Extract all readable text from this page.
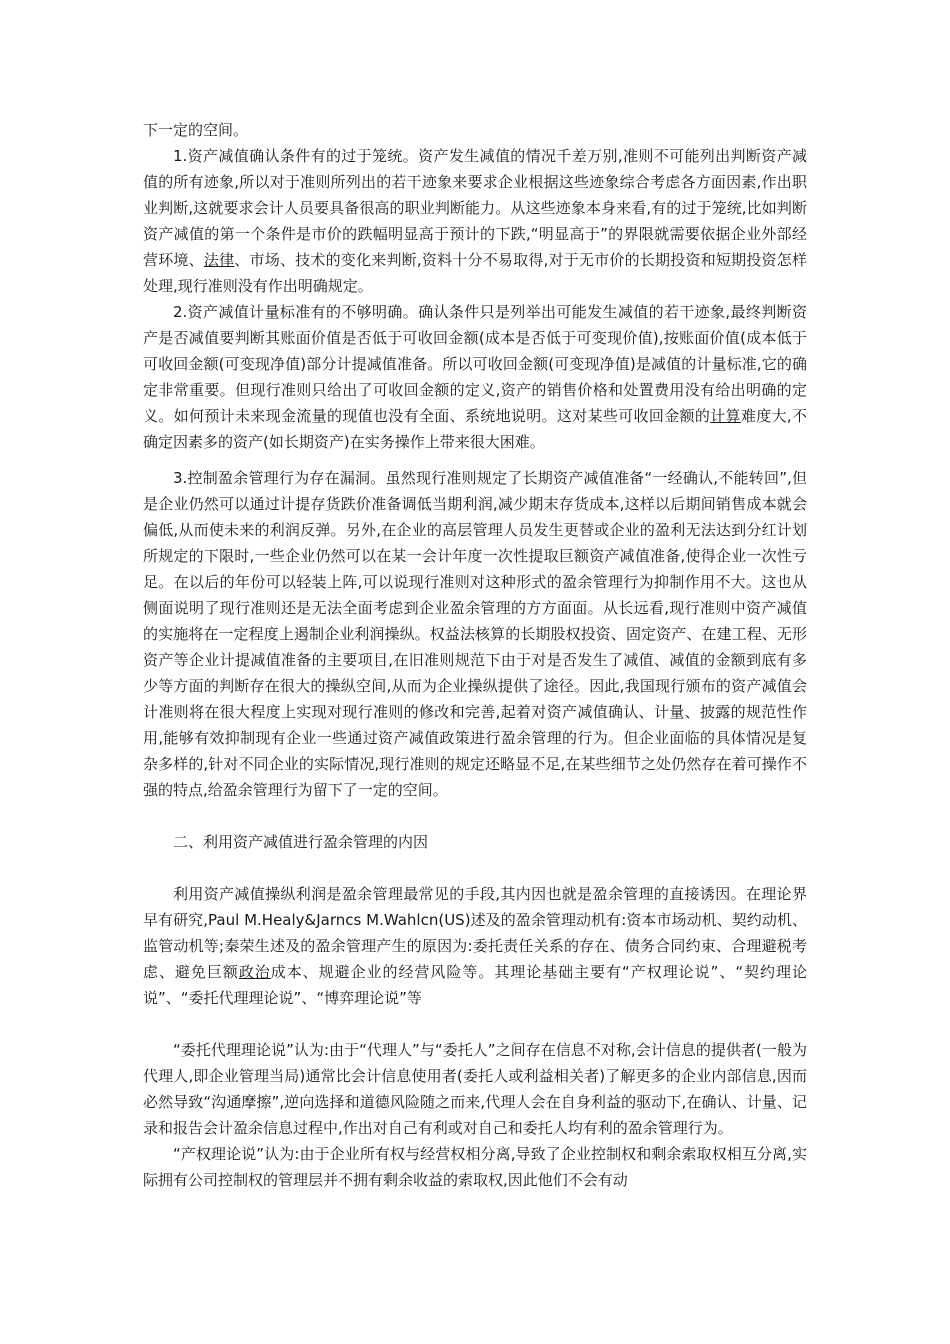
下一定的空间。

1.资产减值确认条件有的过于笼统。资产发生减值的情况千差万别,准则不可能列出判断资产减值的所有迹象,所以对于准则所列出的若干迹象来要求企业根据这些迹象综合考虑各方面因素,作出职业判断,这就要求会计人员要具备很高的职业判断能力。从这些迹象本身来看,有的过于笼统,比如判断资产减值的第一个条件是市价的跌幅明显高于预计的下跌,“明显高于”的界限就需要依据企业外部经营环境、法律、市场、技术的变化来判断,资料十分不易取得,对于无市价的长期投资和短期投资怎样处理,现行准则没有作出明确规定。

2.资产减值计量标准有的不够明确。确认条件只是列举出可能发生减值的若干迹象,最终判断资产是否减值要判断其账面价值是否低于可收回金额(成本是否低于可变现价值),按账面价值(成本低于可收回金额(可变现净值)部分计提减值准备。所以可收回金额(可变现净值)是减值的计量标准,它的确定非常重要。但现行准则只给出了可收回金额的定义,资产的销售价格和处置费用没有给出明确的定义。如何预计未来现金流量的现值也没有全面、系统地说明。这对某些可收回金额的计算难度大,不确定因素多的资产(如长期资产)在实务操作上带来很大困难。

3.控制盈余管理行为存在漏洞。虽然现行准则规定了长期资产减值准备“一经确认,不能转回”,但是企业仍然可以通过计提存货跌价准备调低当期利润,减少期末存货成本,这样以后期间销售成本就会偏低,从而使未来的利润反弹。另外,在企业的高层管理人员发生更替或企业的盈利无法达到分红计划所规定的下限时,一些企业仍然可以在某一会计年度一次性提取巨额资产减值准备,使得企业一次性亏足。在以后的年份可以轻装上阵,可以说现行准则对这种形式的盈余管理行为抑制作用不大。这也从侧面说明了现行准则还是无法全面考虑到企业盈余管理的方方面面。从长远看,现行准则中资产减值的实施将在一定程度上遏制企业利润操纵。权益法核算的长期股权投资、固定资产、在建工程、无形资产等企业计提减值准备的主要项目,在旧准则规范下由于对是否发生了减值、减值的金额到底有多少等方面的判断存在很大的操纵空间,从而为企业操纵提供了途径。因此,我国现行颁布的资产减值会计准则将在很大程度上实现对现行准则的修改和完善,起着对资产减值确认、计量、披露的规范性作用,能够有效抑制现有企业一些通过资产减值政策进行盈余管理的行为。但企业面临的具体情况是复杂多样的,针对不同企业的实际情况,现行准则的规定还略显不足,在某些细节之处仍然存在着可操作不强的特点,给盈余管理行为留下了一定的空间。

二、利用资产减值进行盈余管理的内因

利用资产减值操纵利润是盈余管理最常见的手段,其内因也就是盈余管理的直接诱因。在理论界早有研究,Paul M.Healy&Jarncs M.Wahlcn(US)述及的盈余管理动机有:资本市场动机、契约动机、监管动机等;秦荣生述及的盈余管理产生的原因为:委托责任关系的存在、债务合同约束、合理避税考虑、避免巨额政治成本、规避企业的经营风险等。其理论基础主要有“产权理论说”、“契约理论说”、“委托代理理论说”、“博弈理论说”等

“委托代理理论说”认为:由于“代理人”与“委托人”之间存在信息不对称,会计信息的提供者(一般为代理人,即企业管理当局)通常比会计信息使用者(委托人或利益相关者)了解更多的企业内部信息,因而必然导致“沟通摩擦”,逆向选择和道德风险随之而来,代理人会在自身利益的驱动下,在确认、计量、记录和报告会计盈余信息过程中,作出对自己有利或对自己和委托人均有利的盈余管理行为。

“产权理论说”认为:由于企业所有权与经营权相分离,导致了企业控制权和剩余索取权相互分离,实际拥有公司控制权的管理层并不拥有剩余收益的索取权,因此他们不会有动
